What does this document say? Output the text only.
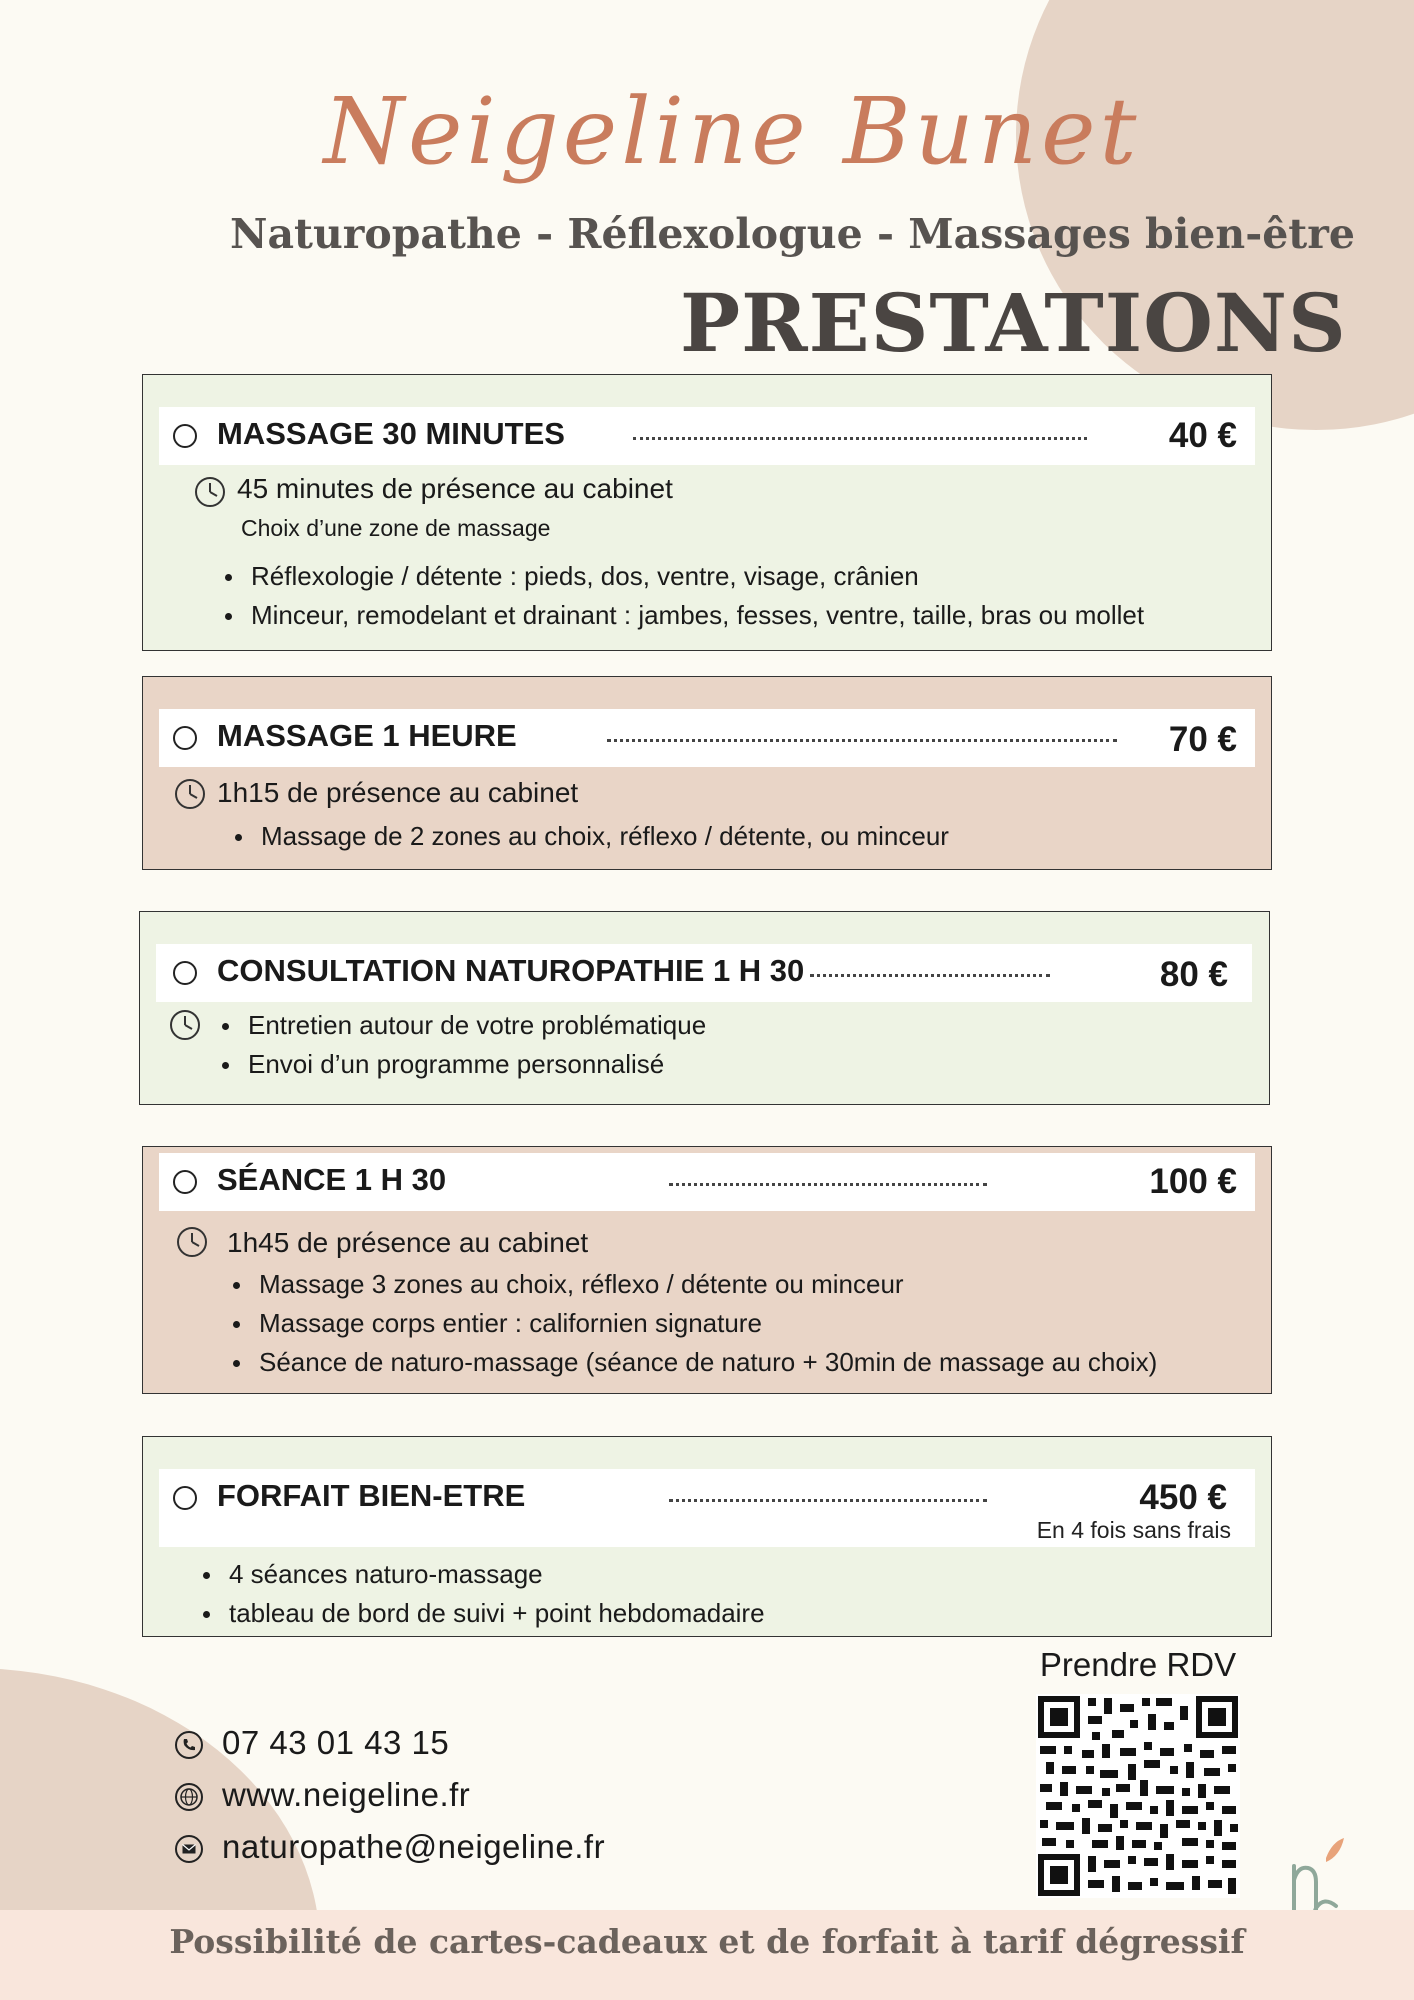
Neigeline Bunet
Naturopathe - Réflexologue - Massages bien-être
PRESTATIONS
MASSAGE 30 MINUTES	40 €
45 minutes de présence au cabinet
Choix d’une zone de massage
Réflexologie / détente : pieds, dos, ventre, visage, crânien
Minceur, remodelant et drainant : jambes, fesses, ventre, taille, bras ou mollet
MASSAGE 1 HEURE	70 €
1h15 de présence au cabinet
Massage de 2 zones au choix, réflexo / détente, ou minceur
CONSULTATION NATUROPATHIE 1 H 30	80 €
Entretien autour de votre problématique
Envoi d’un programme personnalisé
SÉANCE 1 H 30	100 €
1h45 de présence au cabinet
Massage 3 zones au choix, réflexo / détente ou minceur
Massage corps entier : californien signature
Séance de naturo-massage (séance de naturo + 30min de massage au choix)
FORFAIT BIEN-ETRE	450 €
En 4 fois sans frais
4 séances naturo-massage
tableau de bord de suivi + point hebdomadaire
07 43 01 43 15
www.neigeline.fr
naturopathe@neigeline.fr
Prendre RDV
Possibilité de cartes-cadeaux et de forfait à tarif dégressif
